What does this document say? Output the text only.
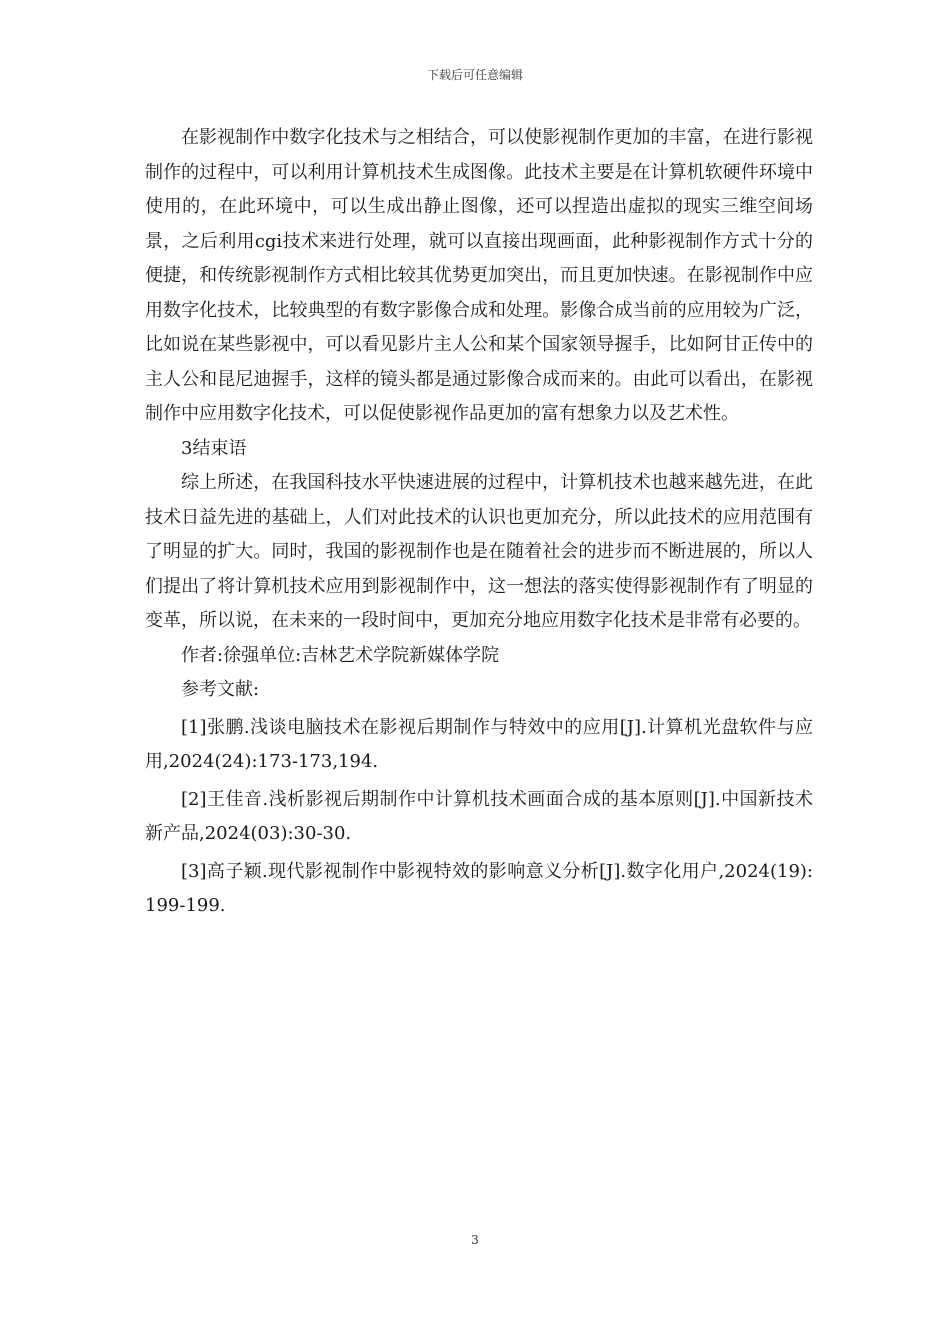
下载后可任意编辑

在影视制作中数字化技术与之相结合，可以使影视制作更加的丰富，在进行影视制作的过程中，可以利用计算机技术生成图像。此技术主要是在计算机软硬件环境中使用的，在此环境中，可以生成出静止图像，还可以捏造出虚拟的现实三维空间场景，之后利用cgi技术来进行处理，就可以直接出现画面，此种影视制作方式十分的便捷，和传统影视制作方式相比较其优势更加突出，而且更加快速。在影视制作中应用数字化技术，比较典型的有数字影像合成和处理。影像合成当前的应用较为广泛，比如说在某些影视中，可以看见影片主人公和某个国家领导握手，比如阿甘正传中的主人公和昆尼迪握手，这样的镜头都是通过影像合成而来的。由此可以看出，在影视制作中应用数字化技术，可以促使影视作品更加的富有想象力以及艺术性。

3结束语

综上所述，在我国科技水平快速进展的过程中，计算机技术也越来越先进，在此技术日益先进的基础上，人们对此技术的认识也更加充分，所以此技术的应用范围有了明显的扩大。同时，我国的影视制作也是在随着社会的进步而不断进展的，所以人们提出了将计算机技术应用到影视制作中，这一想法的落实使得影视制作有了明显的变革，所以说，在未来的一段时间中，更加充分地应用数字化技术是非常有必要的。

作者:徐强单位:吉林艺术学院新媒体学院

参考文献:

[1]张鹏.浅谈电脑技术在影视后期制作与特效中的应用[J].计算机光盘软件与应用,2024(24):173-173,194.

[2]王佳音.浅析影视后期制作中计算机技术画面合成的基本原则[J].中国新技术新产品,2024(03):30-30.

[3]高子颖.现代影视制作中影视特效的影响意义分析[J].数字化用户,2024(19):199-199.

3
